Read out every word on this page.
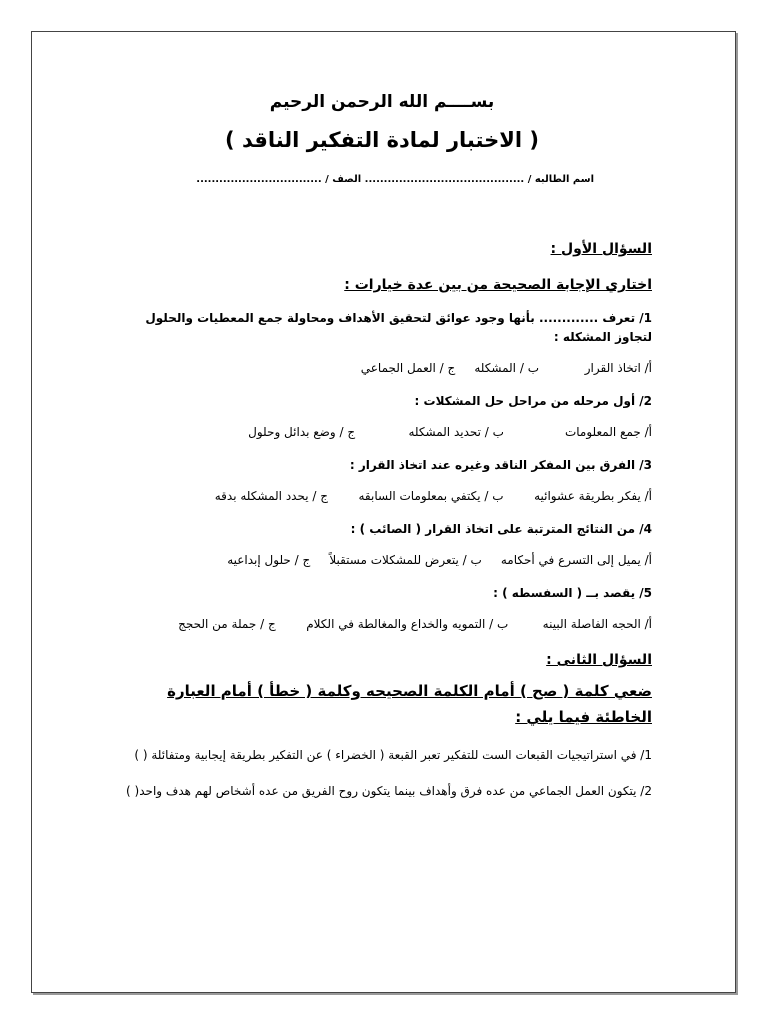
بســــم الله الرحمن الرحيم
( الاختبار لمادة التفكير الناقد )
اسم الطالبه / .......................................... الصف / .................................
السؤال الأول :
اختاري الإجابة الصحيحة من بين عدة خيارات :
1/ تعرف ............. بأنها وجود عوائق لتحقيق الأهداف ومحاولة جمع المعطيات والحلول لتجاوز المشكله :
أ/ اتخاذ القرار            ب / المشكله     ج / العمل الجماعي
2/ أول مرحله من مراحل حل المشكلات :
أ/ جمع المعلومات                ب / تحديد المشكله              ج / وضع بدائل وحلول
3/ الفرق بين المفكر الناقد وغيره عند اتخاذ القرار :
أ/ يفكر بطريقة عشوائيه        ب / يكتفي بمعلومات السابقه        ج / يحدد المشكله بدقه
4/ من النتائج المترتبة على اتخاذ القرار ( الصائب ) :
أ/ يميل إلى التسرع في أحكامه     ب / يتعرض للمشكلات مستقبلاً     ج / حلول إبداعيه
5/ يقصد بــ ( السفسطه ) :
أ/ الحجه الفاصلة البينه         ب / التمويه والخداع والمغالطة في الكلام        ج / جملة من الحجج
السؤال الثانى :
ضعي كلمة ( صح ) أمام الكلمة الصحيحه وكلمة ( خطأ ) أمام العبارة الخاطئة فيما يلي :
1/ في استراتيجيات القبعات الست للتفكير تعبر القبعة ( الخضراء ) عن التفكير بطريقة إيجابية ومتفائلة ( )
2/ يتكون العمل الجماعي من عده فرق وأهداف بينما يتكون روح الفريق من عده أشخاص لهم هدف واحد( )
